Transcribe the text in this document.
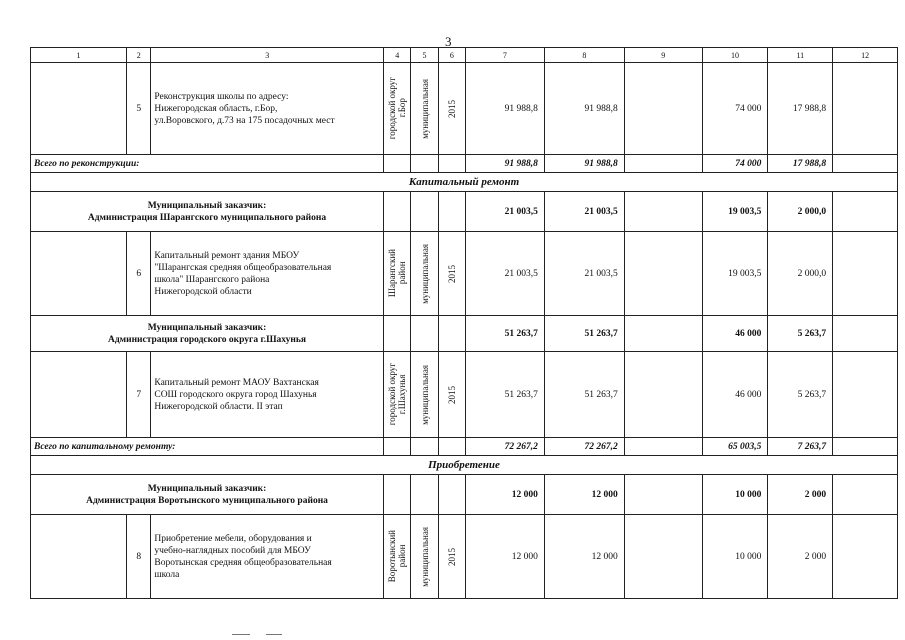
3
1	2	3	4	5	6	7	8	9	10	11	12
	5	Реконструкция школы по адресу:
Нижегородская область, г.Бор,
ул.Воровского, д.73 на 175 посадочных мест	городской округ
г.Бор	муниципальная	2015	91 988,8	91 988,8		74 000	17 988,8	
Всего по реконструкции:						91 988,8	91 988,8		74 000	17 988,8	
Капитальный ремонт											
Муниципальный заказчик:
Администрация Шарангского муниципального района						21 003,5	21 003,5		19 003,5	2 000,0	
	6	Капитальный ремонт здания МБОУ
"Шарангская средняя общеобразовательная
школа" Шарангского района
Нижегородской области	Шарангский
район	муниципальная	2015	21 003,5	21 003,5		19 003,5	2 000,0	
Муниципальный заказчик:
Администрация городского округа г.Шахунья						51 263,7	51 263,7		46 000	5 263,7	
	7	Капитальный ремонт МАОУ Вахтанская
СОШ городского округа город Шахунья
Нижегородской области. II этап	городской округ
г.Шахунья	муниципальная	2015	51 263,7	51 263,7		46 000	5 263,7	
Всего по капитальному ремонту:						72 267,2	72 267,2		65 003,5	7 263,7	
Приобретение											
Муниципальный заказчик:
Администрация Воротынского муниципального района						12 000	12 000		10 000	2 000	
	8	Приобретение мебели, оборудования и
учебно-наглядных пособий для МБОУ
Воротынская средняя общеобразовательная
школа	Воротынский
район	муниципальная	2015	12 000	12 000		10 000	2 000	
